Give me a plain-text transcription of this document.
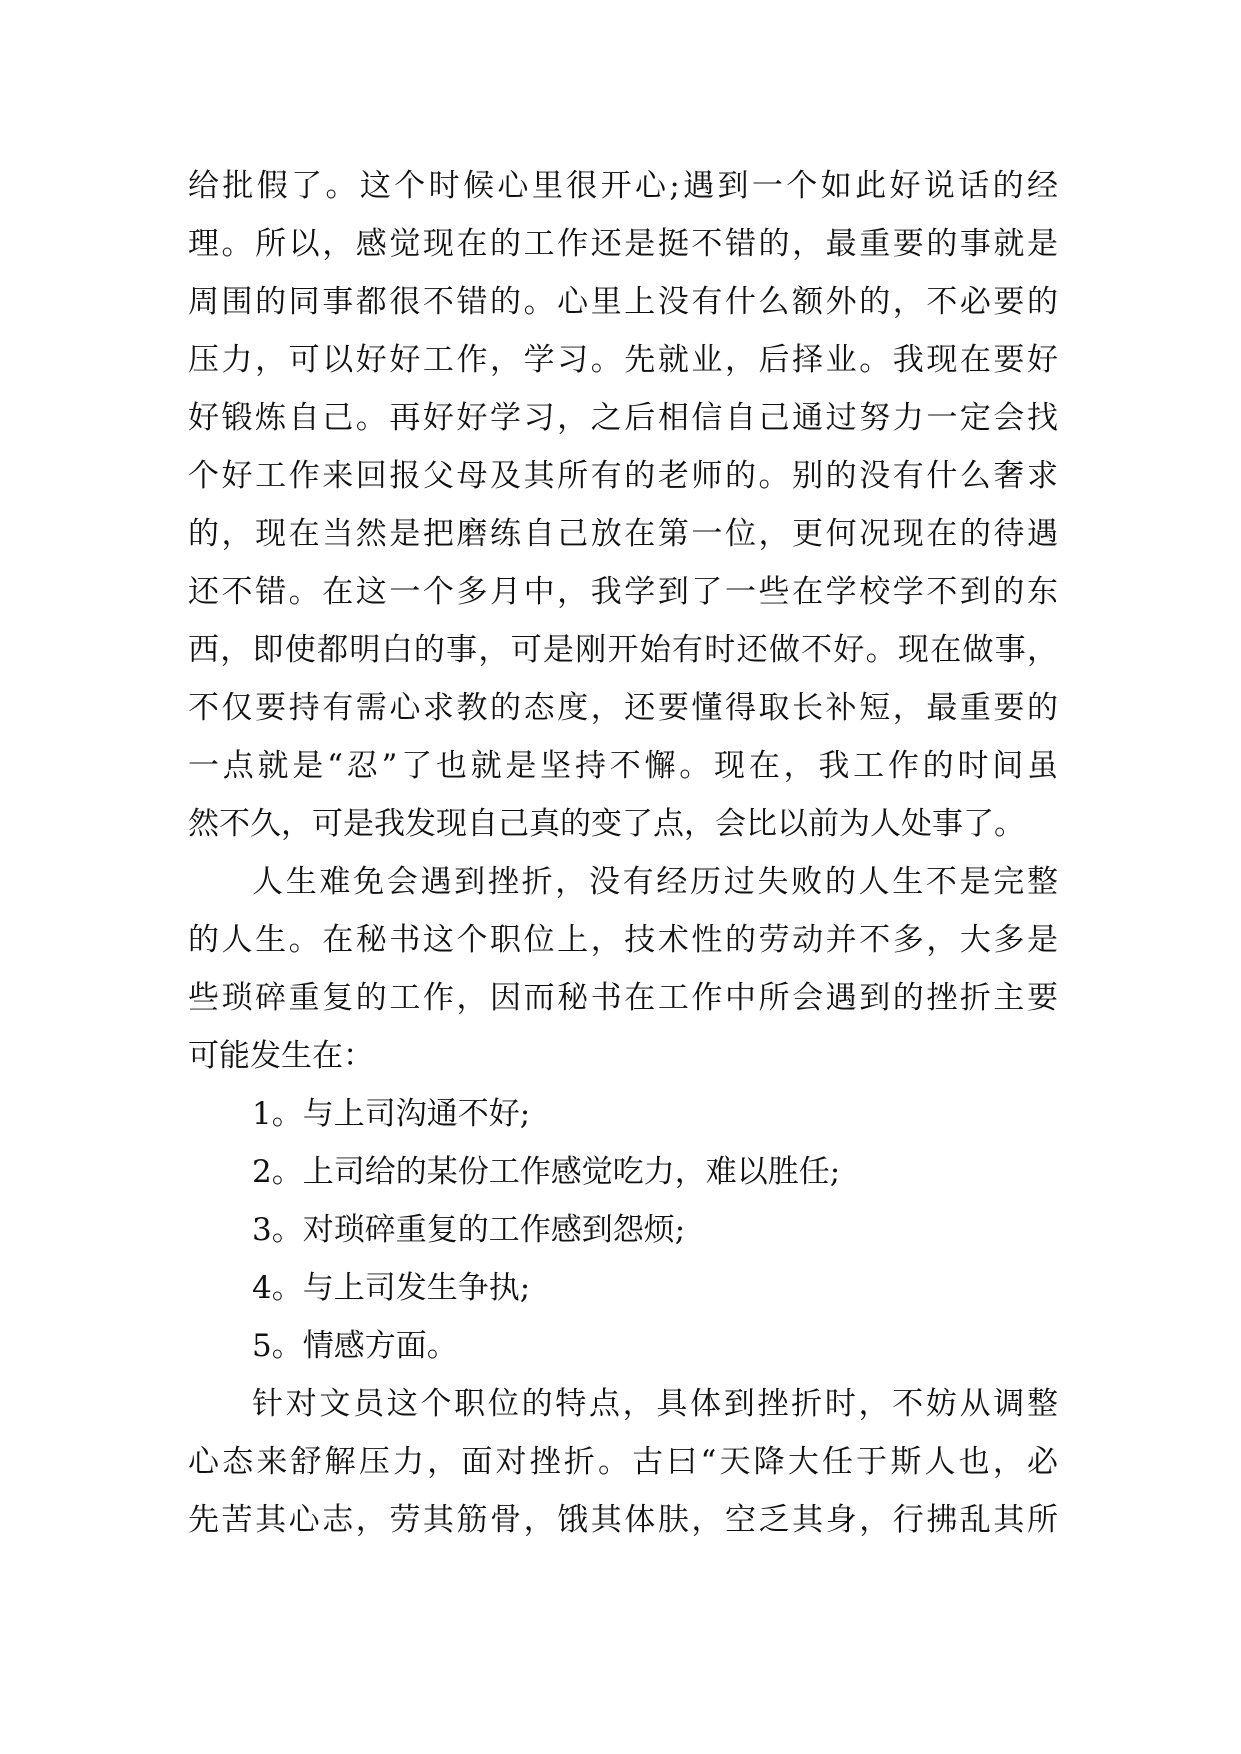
给批假了。这个时候心里很开心;遇到一个如此好说话的经
理。所以，感觉现在的工作还是挺不错的，最重要的事就是
周围的同事都很不错的。心里上没有什么额外的，不必要的
压力，可以好好工作，学习。先就业，后择业。我现在要好
好锻炼自己。再好好学习，之后相信自己通过努力一定会找
个好工作来回报父母及其所有的老师的。别的没有什么奢求
的，现在当然是把磨练自己放在第一位，更何况现在的待遇
还不错。在这一个多月中，我学到了一些在学校学不到的东
西，即使都明白的事，可是刚开始有时还做不好。现在做事，
不仅要持有需心求教的态度，还要懂得取长补短，最重要的
一点就是“忍”了也就是坚持不懈。现在，我工作的时间虽
然不久，可是我发现自己真的变了点，会比以前为人处事了。
人生难免会遇到挫折，没有经历过失败的人生不是完整
的人生。在秘书这个职位上，技术性的劳动并不多，大多是
些琐碎重复的工作，因而秘书在工作中所会遇到的挫折主要
可能发生在：
1。与上司沟通不好;
2。上司给的某份工作感觉吃力，难以胜任;
3。对琐碎重复的工作感到怨烦;
4。与上司发生争执;
5。情感方面。
针对文员这个职位的特点，具体到挫折时，不妨从调整
心态来舒解压力，面对挫折。古曰“天降大任于斯人也，必
先苦其心志，劳其筋骨，饿其体肤，空乏其身，行拂乱其所
